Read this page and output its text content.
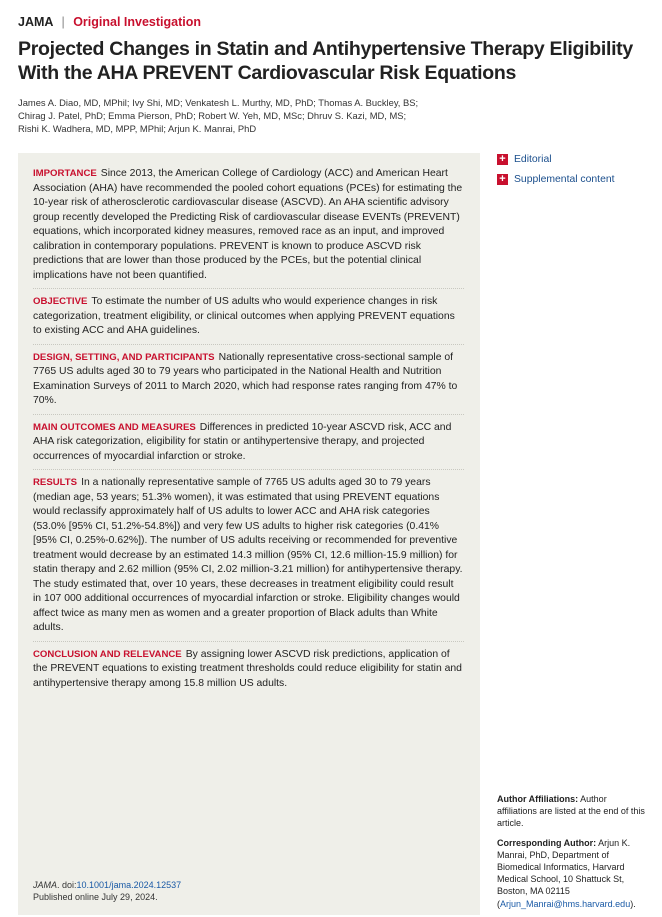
JAMA | Original Investigation
Projected Changes in Statin and Antihypertensive Therapy Eligibility With the AHA PREVENT Cardiovascular Risk Equations
James A. Diao, MD, MPhil; Ivy Shi, MD; Venkatesh L. Murthy, MD, PhD; Thomas A. Buckley, BS;
Chirag J. Patel, PhD; Emma Pierson, PhD; Robert W. Yeh, MD, MSc; Dhruv S. Kazi, MD, MS;
Rishi K. Wadhera, MD, MPP, MPhil; Arjun K. Manrai, PhD
IMPORTANCE Since 2013, the American College of Cardiology (ACC) and American Heart Association (AHA) have recommended the pooled cohort equations (PCEs) for estimating the 10-year risk of atherosclerotic cardiovascular disease (ASCVD). An AHA scientific advisory group recently developed the Predicting Risk of cardiovascular disease EVENTs (PREVENT) equations, which incorporated kidney measures, removed race as an input, and improved calibration in contemporary populations. PREVENT is known to produce ASCVD risk predictions that are lower than those produced by the PCEs, but the potential clinical implications have not been quantified.
OBJECTIVE To estimate the number of US adults who would experience changes in risk categorization, treatment eligibility, or clinical outcomes when applying PREVENT equations to existing ACC and AHA guidelines.
DESIGN, SETTING, AND PARTICIPANTS Nationally representative cross-sectional sample of 7765 US adults aged 30 to 79 years who participated in the National Health and Nutrition Examination Surveys of 2011 to March 2020, which had response rates ranging from 47% to 70%.
MAIN OUTCOMES AND MEASURES Differences in predicted 10-year ASCVD risk, ACC and AHA risk categorization, eligibility for statin or antihypertensive therapy, and projected occurrences of myocardial infarction or stroke.
RESULTS In a nationally representative sample of 7765 US adults aged 30 to 79 years (median age, 53 years; 51.3% women), it was estimated that using PREVENT equations would reclassify approximately half of US adults to lower ACC and AHA risk categories (53.0% [95% CI, 51.2%-54.8%]) and very few US adults to higher risk categories (0.41% [95% CI, 0.25%-0.62%]). The number of US adults receiving or recommended for preventive treatment would decrease by an estimated 14.3 million (95% CI, 12.6 million-15.9 million) for statin therapy and 2.62 million (95% CI, 2.02 million-3.21 million) for antihypertensive therapy. The study estimated that, over 10 years, these decreases in treatment eligibility could result in 107 000 additional occurrences of myocardial infarction or stroke. Eligibility changes would affect twice as many men as women and a greater proportion of Black adults than White adults.
CONCLUSION AND RELEVANCE By assigning lower ASCVD risk predictions, application of the PREVENT equations to existing treatment thresholds could reduce eligibility for statin and antihypertensive therapy among 15.8 million US adults.
JAMA. doi:10.1001/jama.2024.12537
Published online July 29, 2024.
+ Editorial
+ Supplemental content

Author Affiliations: Author affiliations are listed at the end of this article.

Corresponding Author: Arjun K. Manrai, PhD, Department of Biomedical Informatics, Harvard Medical School, 10 Shattuck St, Boston, MA 02115 (Arjun_Manrai@hms.harvard.edu).
